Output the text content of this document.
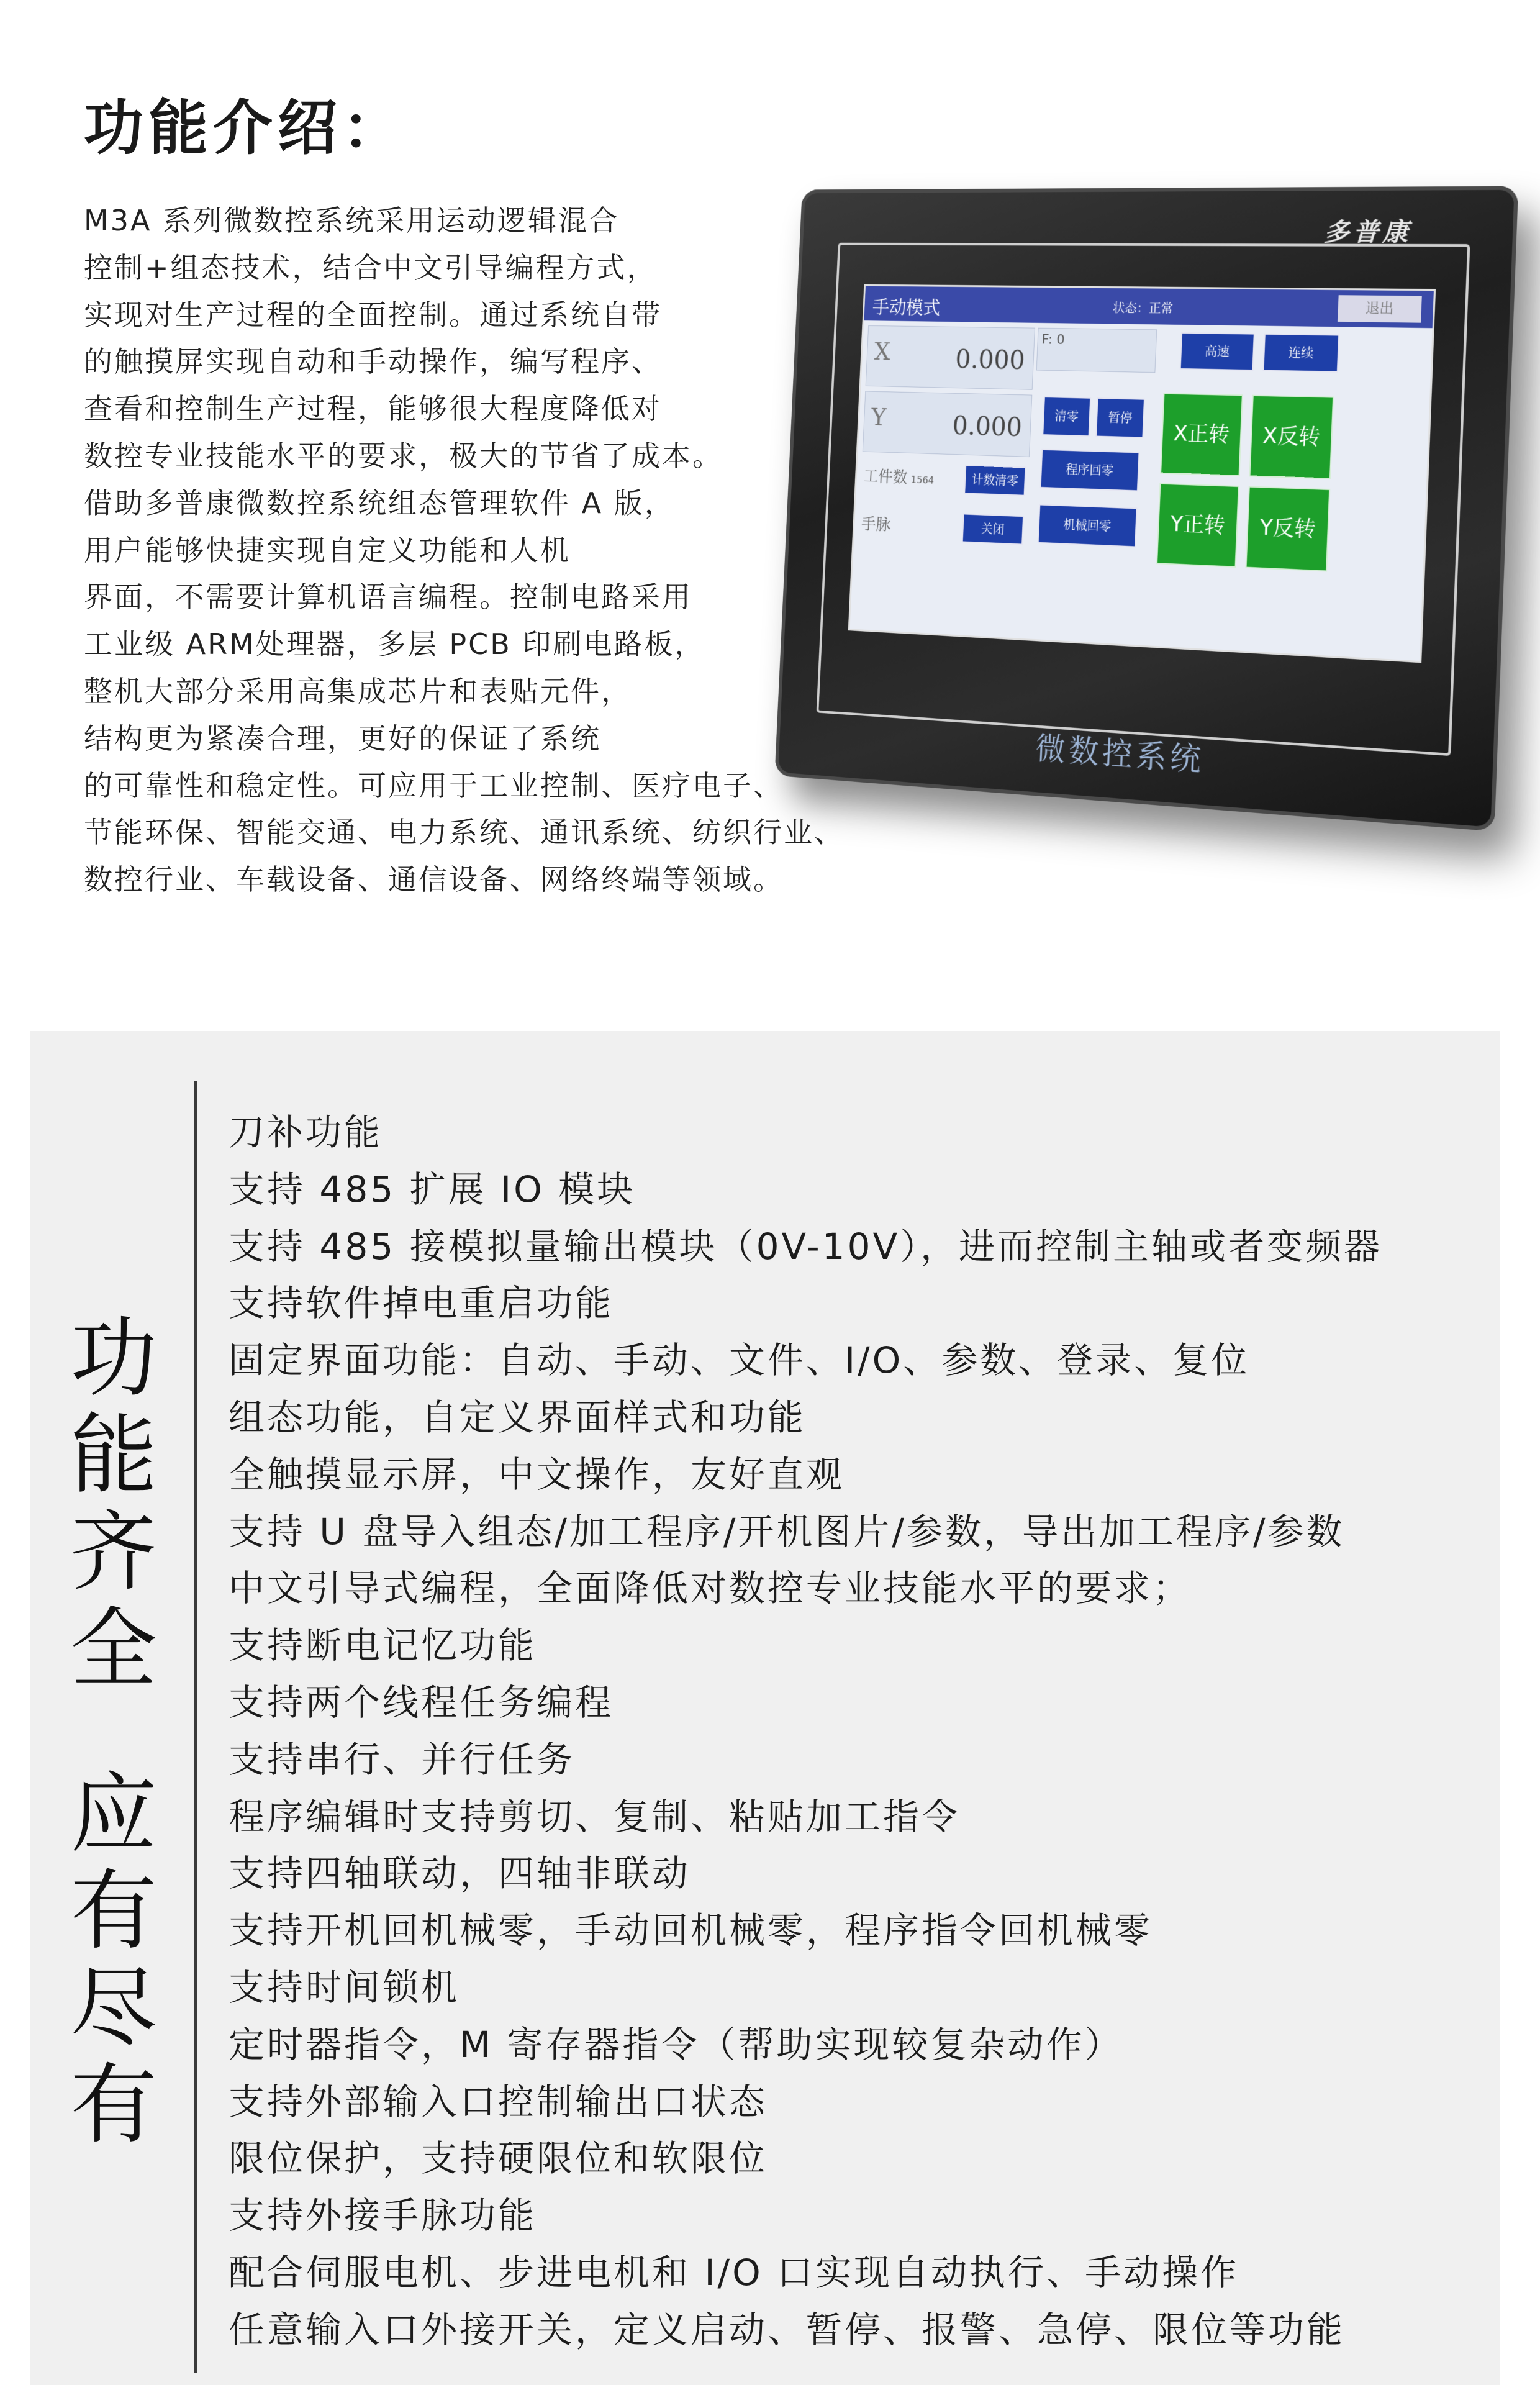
功能介绍：
M3A 系列微数控系统采用运动逻辑混合
控制+组态技术，结合中文引导编程方式，
实现对生产过程的全面控制。通过系统自带
的触摸屏实现自动和手动操作，编写程序、
查看和控制生产过程，能够很大程度降低对
数控专业技能水平的要求，极大的节省了成本。
借助多普康微数控系统组态管理软件 A 版，
用户能够快捷实现自定义功能和人机
界面，不需要计算机语言编程。控制电路采用
工业级 ARM处理器，多层 PCB 印刷电路板，
整机大部分采用高集成芯片和表贴元件，
结构更为紧凑合理，更好的保证了系统
的可靠性和稳定性。可应用于工业控制、医疗电子、
节能环保、智能交通、电力系统、通讯系统、纺织行业、
数控行业、车载设备、通信设备、网络终端等领域。
多普康
微数控系统
手动模式	状态：正常	退出
X 0.000
Y 0.000
F: 0
工件数 1564	计数清零
手脉	关闭
清零	暂停
程序回零
机械回零
高速	连续
X正转	X反转
Y正转	Y反转
功
能
齐
全
应
有
尽
有
刀补功能
支持 485 扩展 IO 模块
支持 485 接模拟量输出模块（0V-10V），进而控制主轴或者变频器
支持软件掉电重启功能
固定界面功能：自动、手动、文件、I/O、参数、登录、复位
组态功能，自定义界面样式和功能
全触摸显示屏，中文操作，友好直观
支持 U 盘导入组态/加工程序/开机图片/参数，导出加工程序/参数
中文引导式编程，全面降低对数控专业技能水平的要求；
支持断电记忆功能
支持两个线程任务编程
支持串行、并行任务
程序编辑时支持剪切、复制、粘贴加工指令
支持四轴联动，四轴非联动
支持开机回机械零，手动回机械零，程序指令回机械零
支持时间锁机
定时器指令，M 寄存器指令（帮助实现较复杂动作）
支持外部输入口控制输出口状态
限位保护，支持硬限位和软限位
支持外接手脉功能
配合伺服电机、步进电机和 I/O 口实现自动执行、手动操作
任意输入口外接开关，定义启动、暂停、报警、急停、限位等功能
